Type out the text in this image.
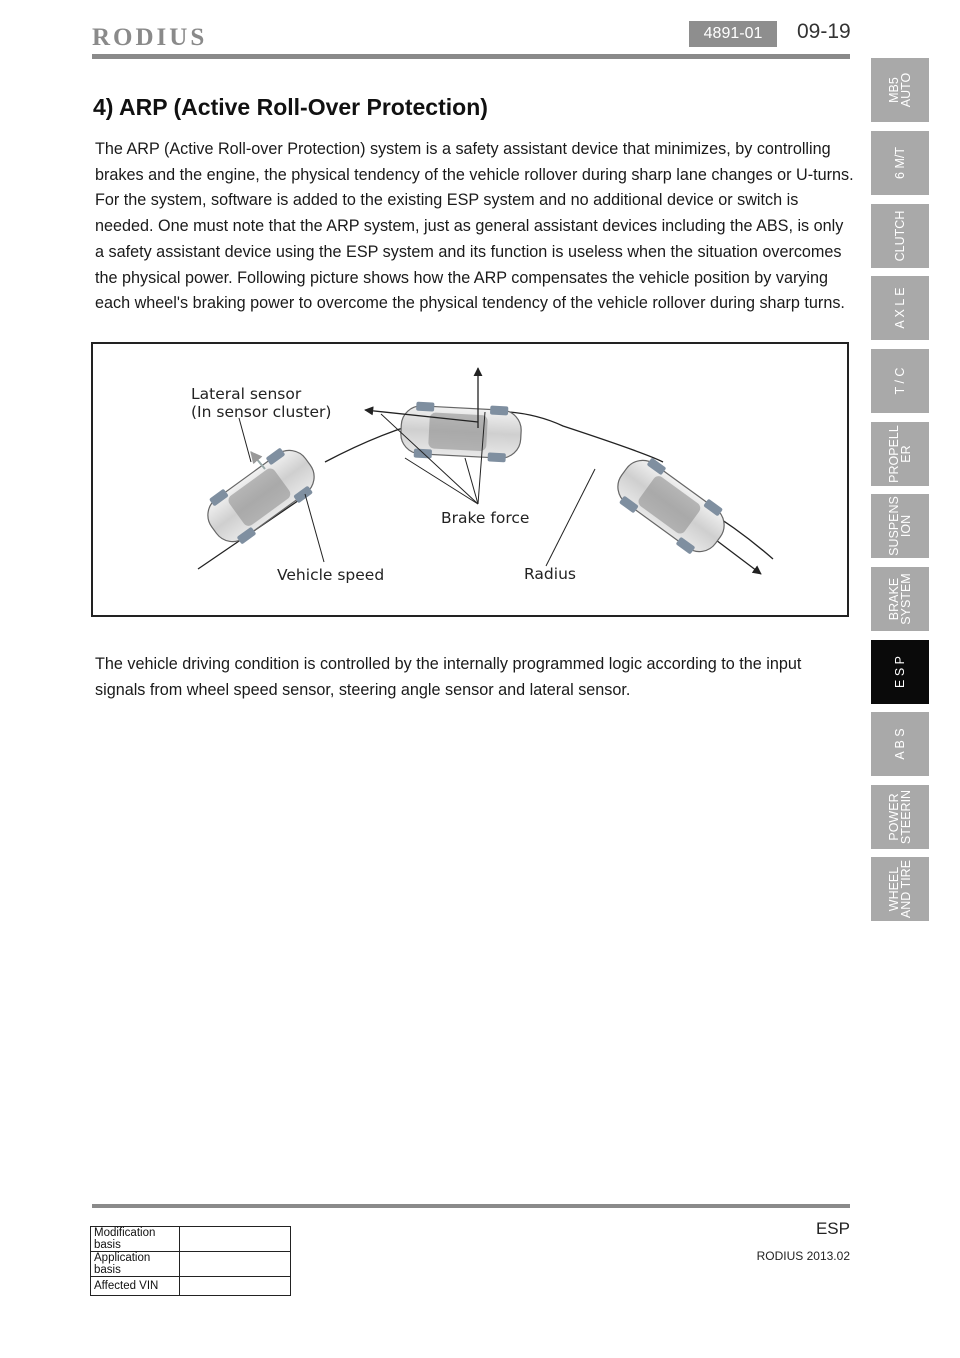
RODIUS	4891-01	09-19
4) ARP (Active Roll-Over Protection)

The ARP (Active Roll-over Protection) system is a safety assistant device that minimizes, by controlling brakes and the engine, the physical tendency of the vehicle rollover during sharp lane changes or U-turns. For the system, software is added to the existing ESP system and no additional device or switch is needed. One must note that the ARP system, just as general assistant devices including the ABS, is only a safety assistant device using the ESP system and its function is useless when the situation overcomes the physical power. Following picture shows how the ARP compensates the vehicle position by varying each wheel's braking power to overcome the physical tendency of the vehicle rollover during sharp turns.

Lateral sensor
(In sensor cluster)
Brake force
Vehicle speed	Radius

The vehicle driving condition is controlled by the internally programmed logic according to the input signals from wheel speed sensor, steering angle sensor and lateral sensor.

MB5
AUTO
6 M/T
CLUTCH
A X L E
T / C
PROPELL
ER
SUSPENS
ION
BRAKE
SYSTEM
E S P
A B S
POWER
STEERIN
WHEEL
AND TIRE
Modification basis	
Application basis	
Affected VIN	
ESP
RODIUS 2013.02
